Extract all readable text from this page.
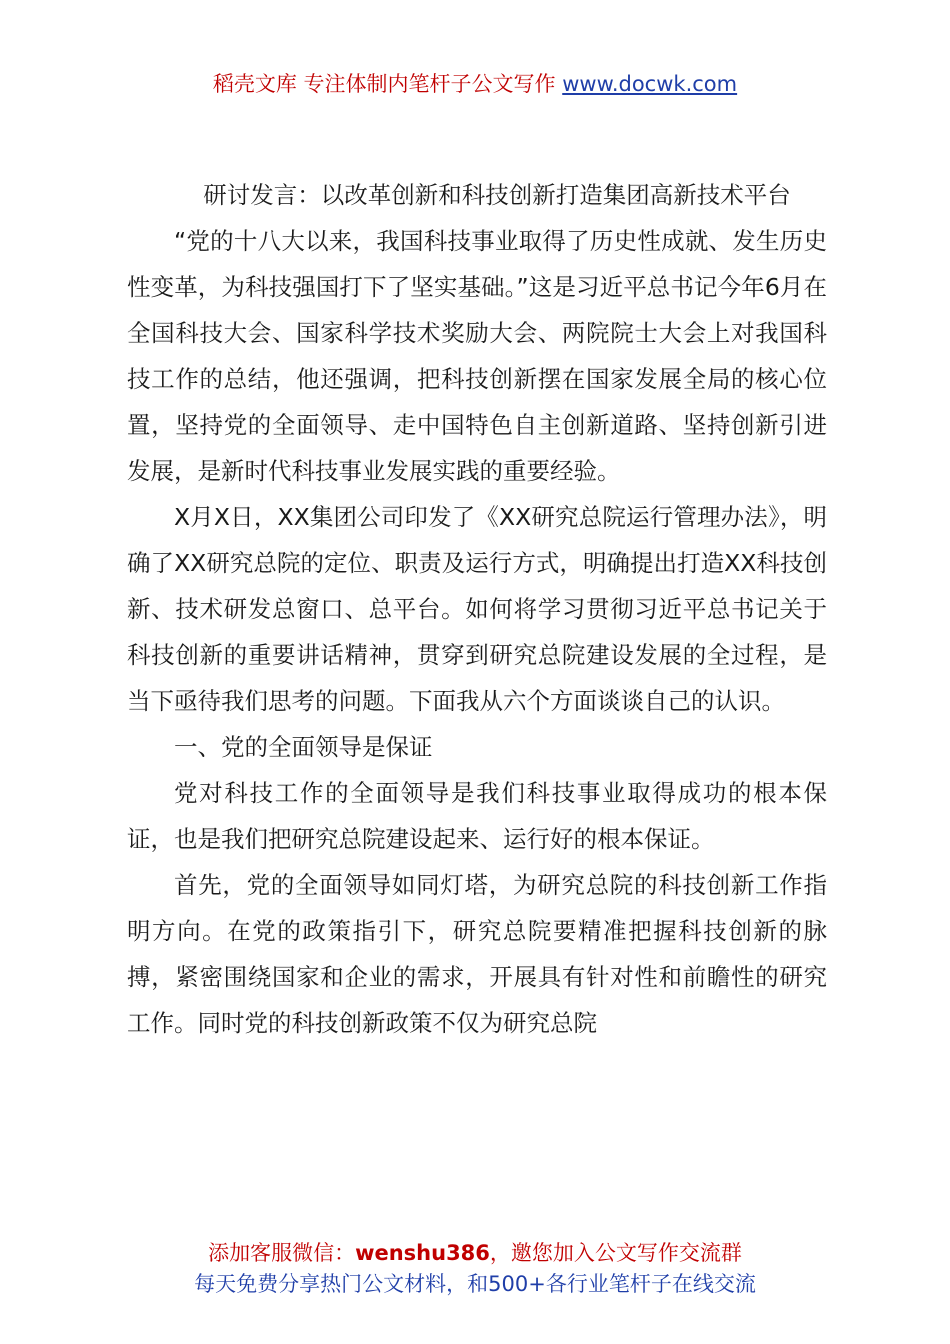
稻壳文库 专注体制内笔杆子公文写作 www.docwk.com

研讨发言：以改革创新和科技创新打造集团高新技术平台

“党的十八大以来，我国科技事业取得了历史性成就、发生历史性变革，为科技强国打下了坚实基础。”这是习近平总书记今年6月在全国科技大会、国家科学技术奖励大会、两院院士大会上对我国科技工作的总结，他还强调，把科技创新摆在国家发展全局的核心位置，坚持党的全面领导、走中国特色自主创新道路、坚持创新引进发展，是新时代科技事业发展实践的重要经验。

X月X日，XX集团公司印发了《XX研究总院运行管理办法》，明确了XX研究总院的定位、职责及运行方式，明确提出打造XX科技创新、技术研发总窗口、总平台。如何将学习贯彻习近平总书记关于科技创新的重要讲话精神，贯穿到研究总院建设发展的全过程，是当下亟待我们思考的问题。下面我从六个方面谈谈自己的认识。

一、党的全面领导是保证

党对科技工作的全面领导是我们科技事业取得成功的根本保证，也是我们把研究总院建设起来、运行好的根本保证。

首先，党的全面领导如同灯塔，为研究总院的科技创新工作指明方向。在党的政策指引下，研究总院要精准把握科技创新的脉搏，紧密围绕国家和企业的需求，开展具有针对性和前瞻性的研究工作。同时党的科技创新政策不仅为研究总院

添加客服微信：wenshu386，邀您加入公文写作交流群
每天免费分享热门公文材料，和500+各行业笔杆子在线交流
